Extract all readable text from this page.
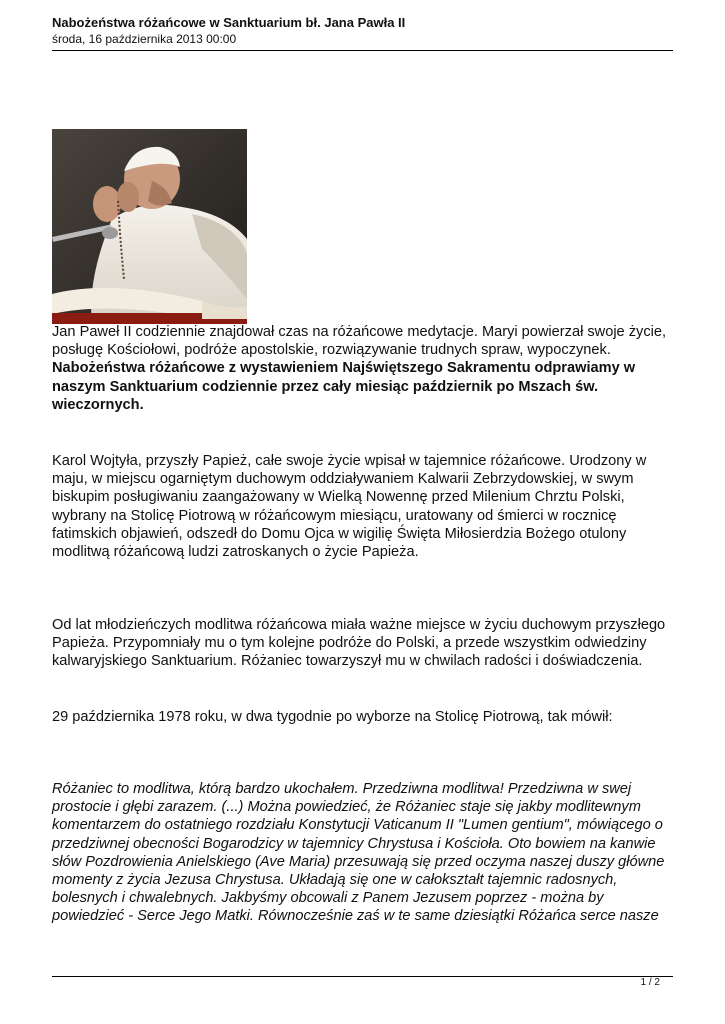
Nabożeństwa różańcowe w Sanktuarium bł. Jana Pawła II
środa, 16 października 2013 00:00

Jan Paweł II codziennie znajdował czas na różańcowe medytacje. Maryi powierzał swoje życie, posługę Kościołowi, podróże apostolskie, rozwiązywanie trudnych spraw, wypoczynek. Nabożeństwa różańcowe z wystawieniem Najświętszego Sakramentu odprawiamy w naszym Sanktuarium codziennie przez cały miesiąc październik po Mszach św. wieczornych.

Karol Wojtyła, przyszły Papież, całe swoje życie wpisał w tajemnice różańcowe. Urodzony w maju, w miejscu ogarniętym duchowym oddziaływaniem Kalwarii Zebrzydowskiej, w swym biskupim posługiwaniu zaangażowany w Wielką Nowennę przed Milenium Chrztu Polski, wybrany na Stolicę Piotrową w różańcowym miesiącu, uratowany od śmierci w rocznicę fatimskich objawień, odszedł do Domu Ojca w wigilię Święta Miłosierdzia Bożego otulony modlitwą różańcową ludzi zatroskanych o życie Papieża.

Od lat młodzieńczych modlitwa różańcowa miała ważne miejsce w życiu duchowym przyszłego Papieża. Przypomniały mu o tym kolejne podróże do Polski, a przede wszystkim odwiedziny kalwaryjskiego Sanktuarium. Różaniec towarzyszył mu w chwilach radości i doświadczenia.

29 października 1978 roku, w dwa tygodnie po wyborze na Stolicę Piotrową, tak mówił:

Różaniec to modlitwa, którą bardzo ukochałem. Przedziwna modlitwa! Przedziwna w swej prostocie i głębi zarazem. (...) Można powiedzieć, że Różaniec staje się jakby modlitewnym komentarzem do ostatniego rozdziału Konstytucji Vaticanum II "Lumen gentium", mówiącego o przedziwnej obecności Bogarodzicy w tajemnicy Chrystusa i Kościoła. Oto bowiem na kanwie słów Pozdrowienia Anielskiego (Ave Maria) przesuwają się przed oczyma naszej duszy główne momenty z życia Jezusa Chrystusa. Układają się one w całokształt tajemnic radosnych, bolesnych i chwalebnych. Jakbyśmy obcowali z Panem Jezusem poprzez - można by powiedzieć - Serce Jego Matki. Równocześnie zaś w te same dziesiątki Różańca serce nasze

1 / 2
